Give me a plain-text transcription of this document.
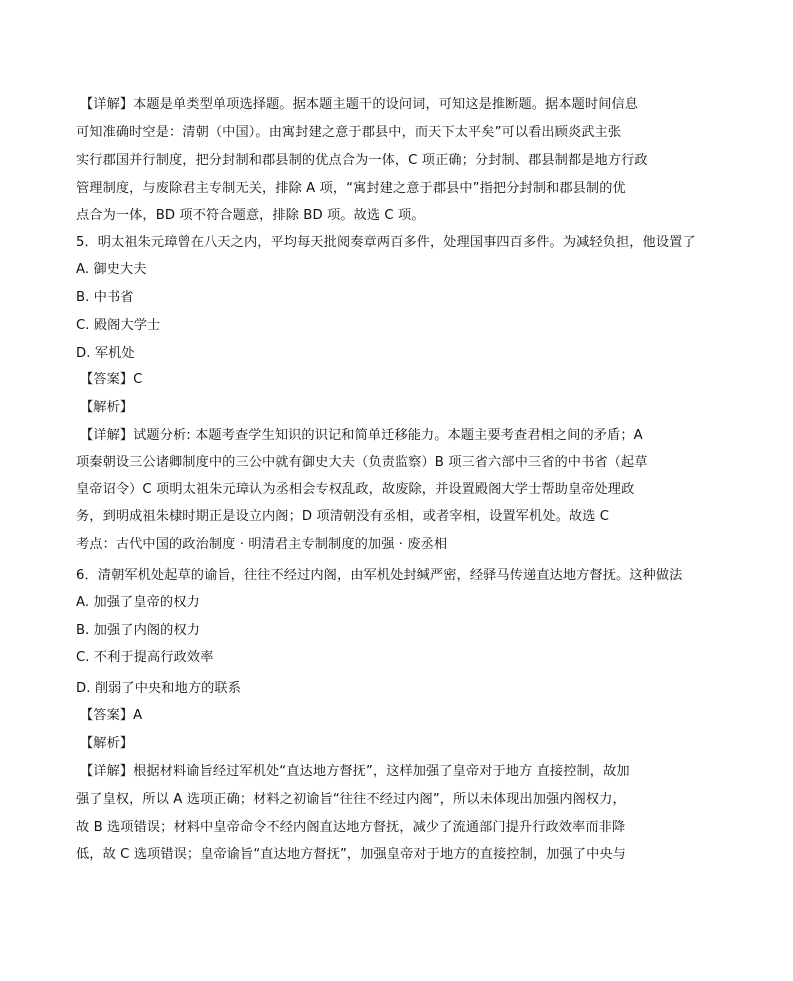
【详解】本题是单类型单项选择题。据本题主题干的设问词，可知这是推断题。据本题时间信息
可知准确时空是：清朝（中国）。由寓封建之意于郡县中，而天下太平矣”可以看出顾炎武主张
实行郡国并行制度，把分封制和郡县制的优点合为一体，C 项正确；分封制、郡县制都是地方行政
管理制度，与废除君主专制无关，排除 A 项，“寓封建之意于郡县中”指把分封制和郡县制的优
点合为一体，BD 项不符合题意，排除 BD 项。故选 C 项。
5．明太祖朱元璋曾在八天之内，平均每天批阅奏章两百多件，处理国事四百多件。为减轻负担，他设置了
A. 御史大夫
B. 中书省
C. 殿阁大学士
D. 军机处
【答案】C
【解析】
【详解】试题分析: 本题考查学生知识的识记和简单迁移能力。本题主要考查君相之间的矛盾；A
项秦朝设三公诸卿制度中的三公中就有御史大夫（负责监察）B 项三省六部中三省的中书省（起草
皇帝诏令）C 项明太祖朱元璋认为丞相会专权乱政，故废除，并设置殿阁大学士帮助皇帝处理政
务，到明成祖朱棣时期正是设立内阁；D 项清朝没有丞相，或者宰相，设置军机处。故选 C
考点：古代中国的政治制度 · 明清君主专制制度的加强 · 废丞相
6．清朝军机处起草的谕旨，往往不经过内阁，由军机处封缄严密，经驿马传递直达地方督抚。这种做法
A. 加强了皇帝的权力
B. 加强了内阁的权力
C. 不利于提高行政效率
D. 削弱了中央和地方的联系
【答案】A
【解析】
【详解】根据材料谕旨经过军机处“直达地方督抚”，这样加强了皇帝对于地方 直接控制，故加
强了皇权，所以 A 选项正确；材料之初谕旨“往往不经过内阁”，所以未体现出加强内阁权力，
故 B 选项错误；材料中皇帝命令不经内阁直达地方督抚，减少了流通部门提升行政效率而非降
低，故 C 选项错误；皇帝谕旨“直达地方督抚”，加强皇帝对于地方的直接控制，加强了中央与
